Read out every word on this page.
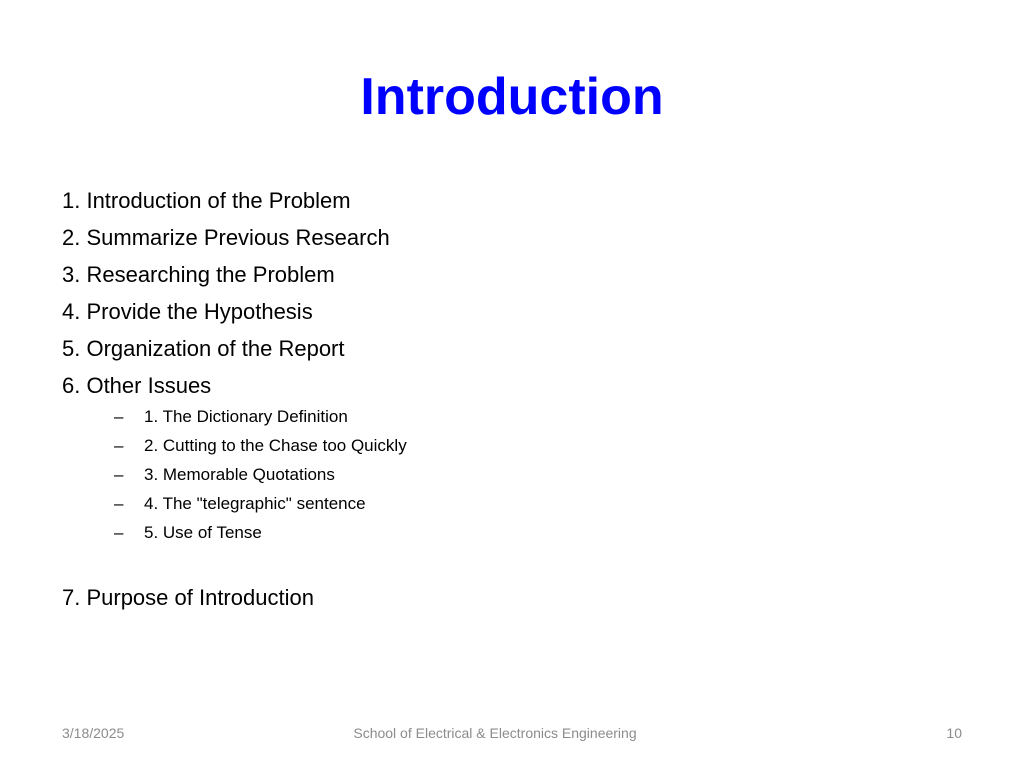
Introduction
1. Introduction of the Problem
2. Summarize Previous Research
3. Researching the Problem
4. Provide the Hypothesis
5. Organization of the Report
6. Other Issues
– 1. The Dictionary Definition
– 2. Cutting to the Chase too Quickly
– 3. Memorable Quotations
– 4. The "telegraphic" sentence
– 5. Use of Tense
7. Purpose of Introduction
3/18/2025	School of Electrical & Electronics Engineering	10
